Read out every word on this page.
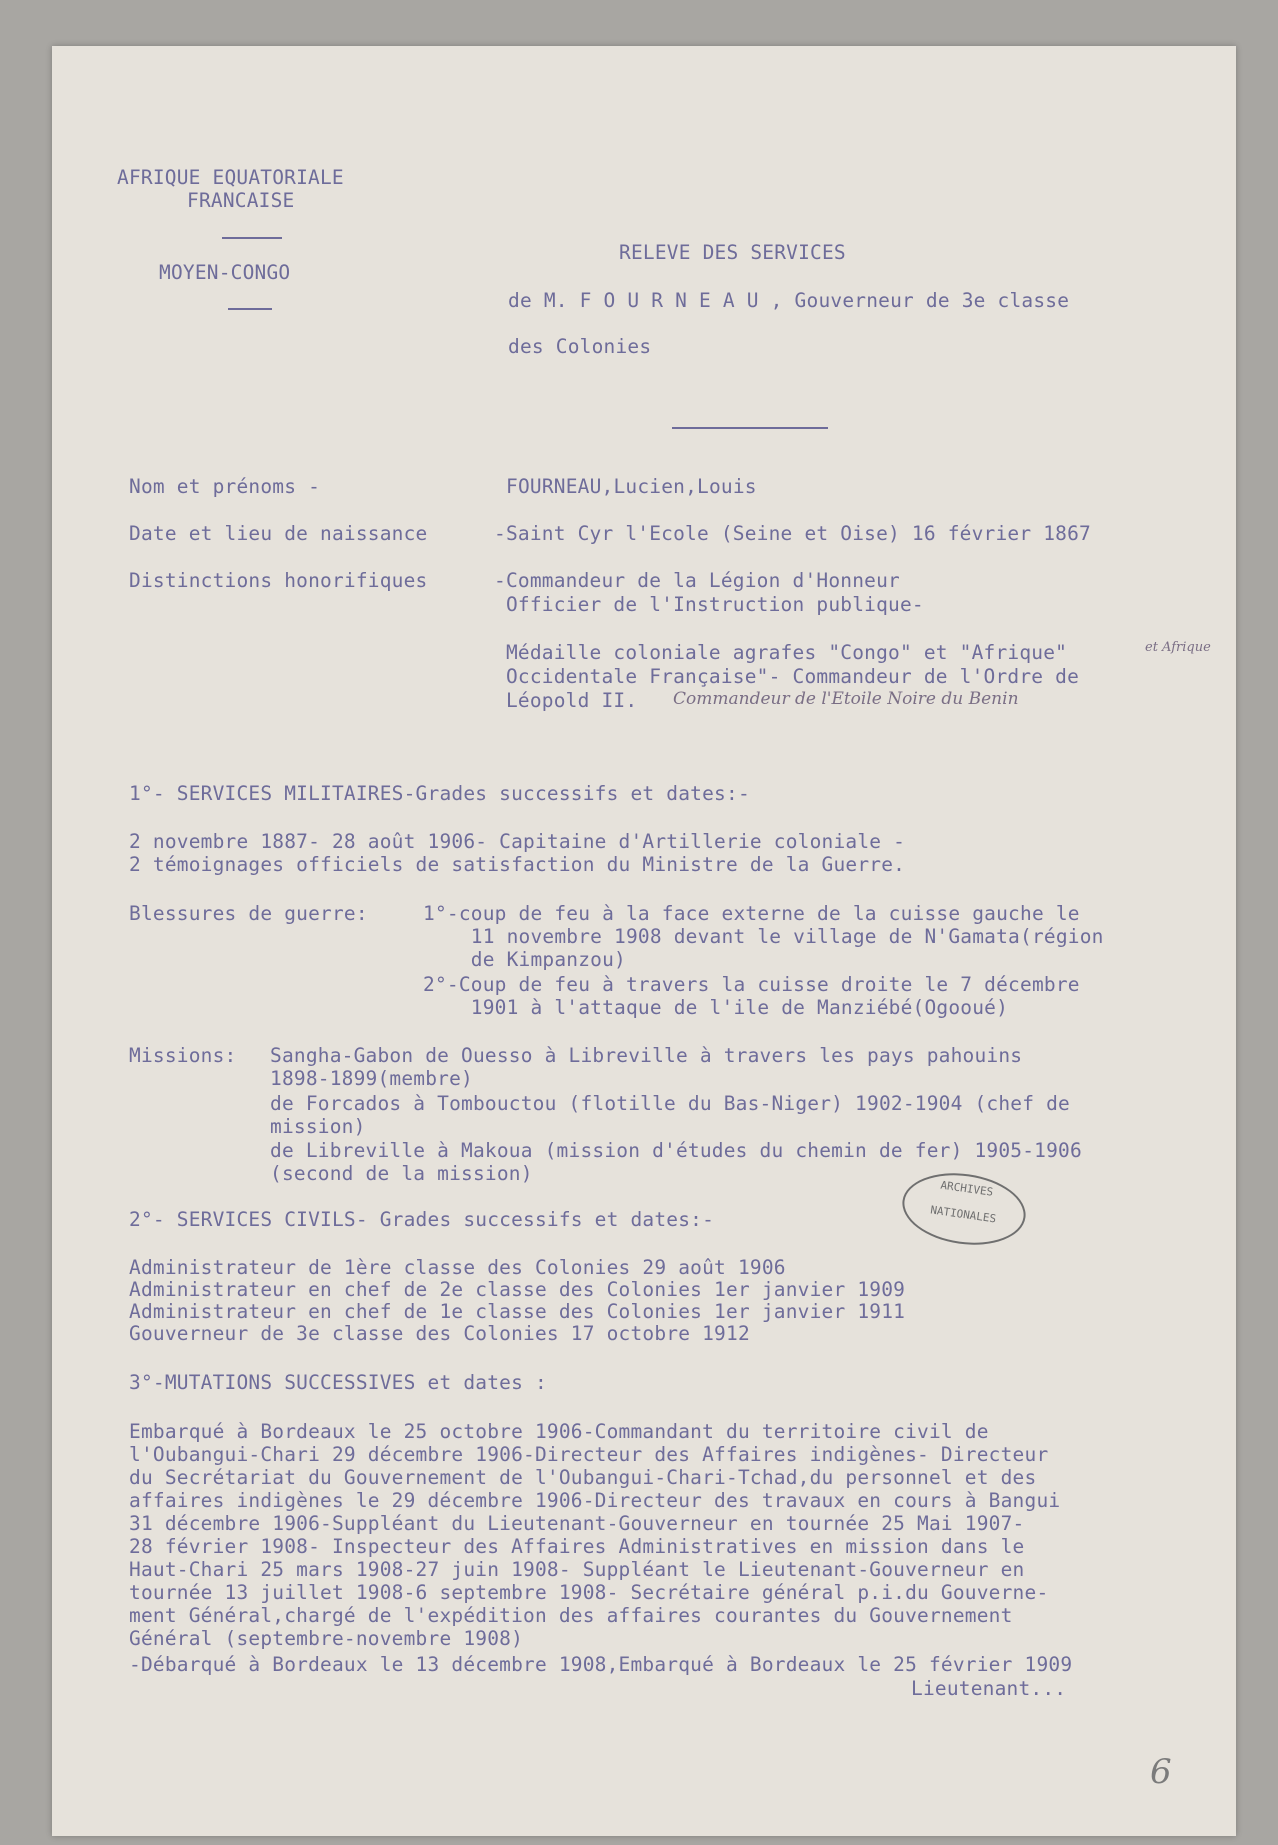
AFRIQUE EQUATORIALE
FRANCAISE
MOYEN-CONGO
RELEVE DES SERVICES
de M. F O U R N E A U , Gouverneur de 3e classe
des Colonies
Nom et prénoms -	FOURNEAU,Lucien,Louis
Date et lieu de naissance	-Saint Cyr l'Ecole (Seine et Oise) 16 février 1867
Distinctions honorifiques	-Commandeur de la Légion d'Honneur
Officier de l'Instruction publique-
Médaille coloniale agrafes "Congo" et "Afrique"
Occidentale Française"- Commandeur de l'Ordre de
Léopold II.
et Afrique
Commandeur de l'Etoile Noire du Benin
1°- SERVICES MILITAIRES-Grades successifs et dates:-
2 novembre 1887- 28 août 1906- Capitaine d'Artillerie coloniale -
2 témoignages officiels de satisfaction du Ministre de la Guerre.
Blessures de guerre:	1°-coup de feu à la face externe de la cuisse gauche le
11 novembre 1908 devant le village de N'Gamata(région
de Kimpanzou)
2°-Coup de feu à travers la cuisse droite le 7 décembre
1901 à l'attaque de l'ile de Manziébé(Ogooué)
Missions: Sangha-Gabon de Ouesso à Libreville à travers les pays pahouins
1898-1899(membre)
de Forcados à Tombouctou (flotille du Bas-Niger) 1902-1904 (chef de
mission)
de Libreville à Makoua (mission d'études du chemin de fer) 1905-1906
(second de la mission)
ARCHIVES
NATIONALES
2°- SERVICES CIVILS- Grades successifs et dates:-
Administrateur de 1ère classe des Colonies 29 août 1906
Administrateur en chef de 2e classe des Colonies 1er janvier 1909
Administrateur en chef de 1e classe des Colonies 1er janvier 1911
Gouverneur de 3e classe des Colonies 17 octobre 1912
3°-MUTATIONS SUCCESSIVES et dates :
Embarqué à Bordeaux le 25 octobre 1906-Commandant du territoire civil de
l'Oubangui-Chari 29 décembre 1906-Directeur des Affaires indigènes- Directeur
du Secrétariat du Gouvernement de l'Oubangui-Chari-Tchad,du personnel et des
affaires indigènes le 29 décembre 1906-Directeur des travaux en cours à Bangui
31 décembre 1906-Suppléant du Lieutenant-Gouverneur en tournée 25 Mai 1907-
28 février 1908- Inspecteur des Affaires Administratives en mission dans le
Haut-Chari 25 mars 1908-27 juin 1908- Suppléant le Lieutenant-Gouverneur en
tournée 13 juillet 1908-6 septembre 1908- Secrétaire général p.i.du Gouverne-
ment Général,chargé de l'expédition des affaires courantes du Gouvernement
Général (septembre-novembre 1908)
-Débarqué à Bordeaux le 13 décembre 1908,Embarqué à Bordeaux le 25 février 1909
Lieutenant...
6
